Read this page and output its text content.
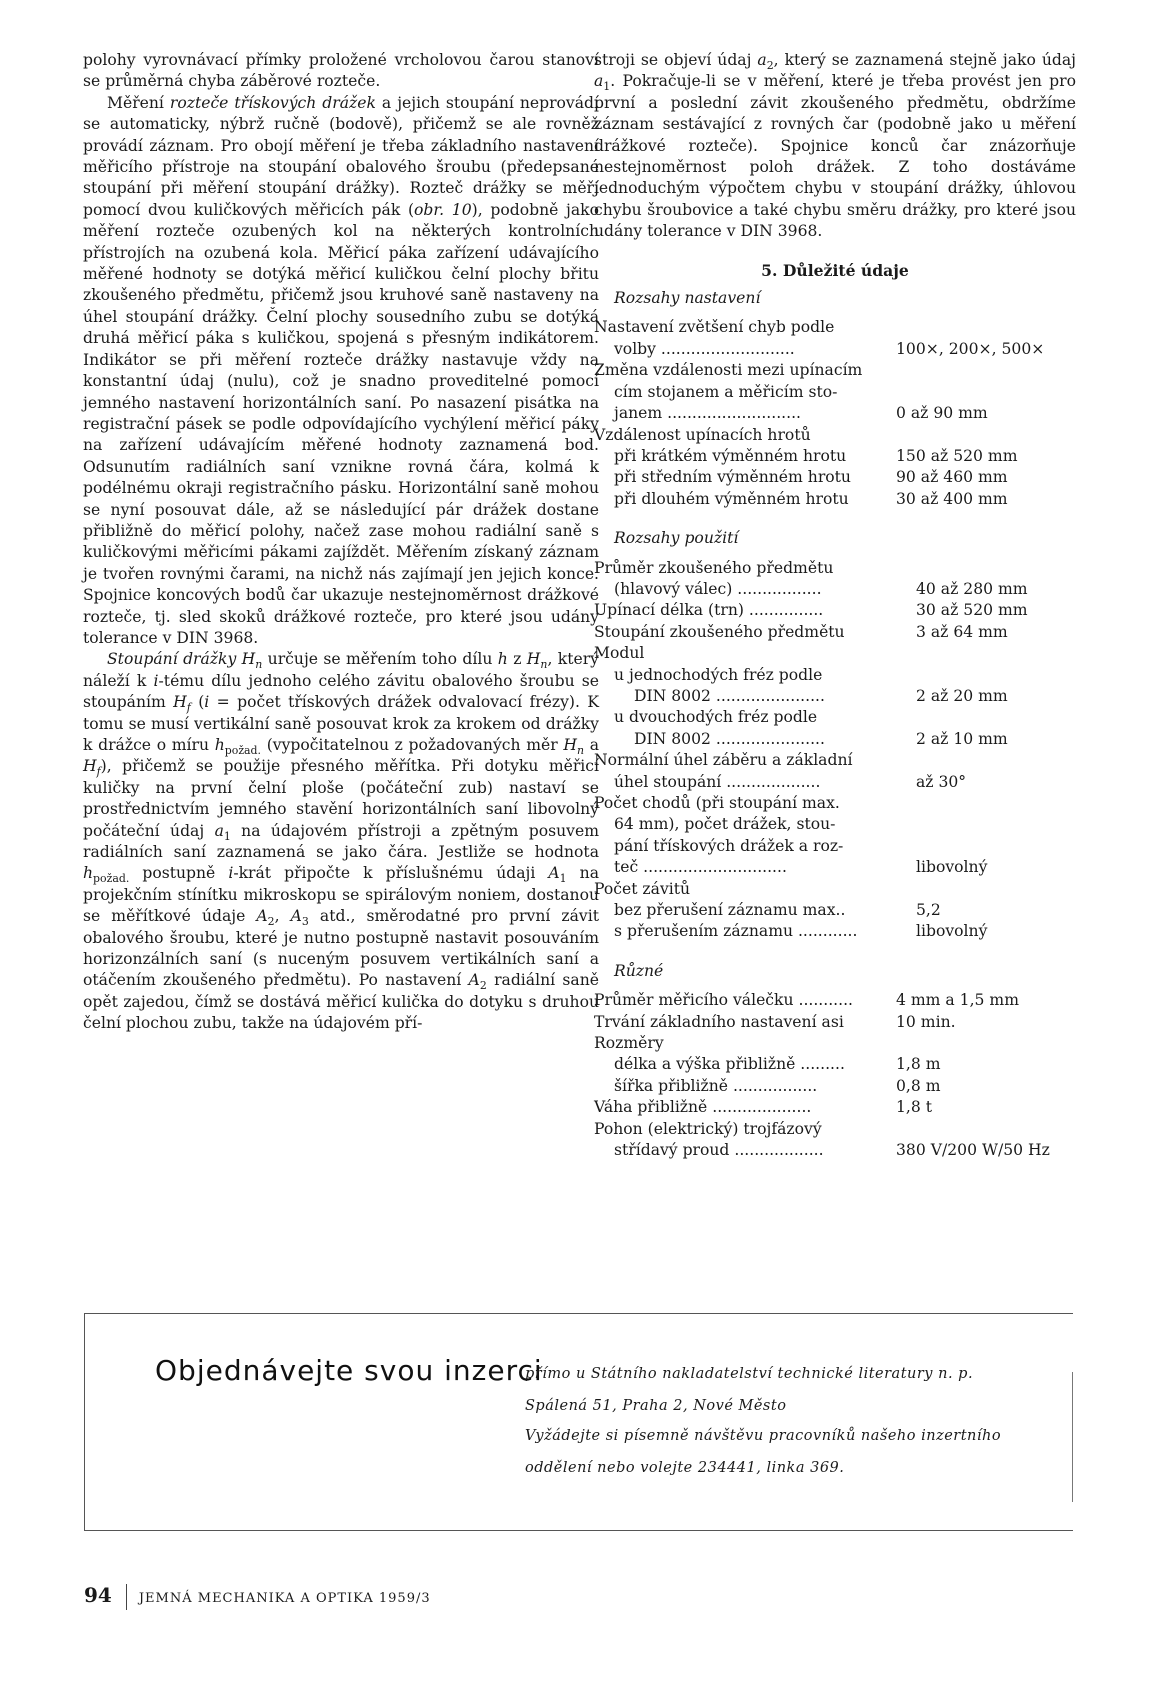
polohy vyrovnávací přímky proložené vrcholovou čarou stanoví se průměrná chyba záběrové rozteče.

Měření rozteče třískových drážek a jejich stoupání neprovádí se automaticky, nýbrž ručně (bodově), přičemž se ale rovněž provádí záznam. Pro obojí měření je třeba základního nastavení měřicího přístroje na stoupání obalového šroubu (předepsané stoupání při měření stoupání drážky). Rozteč drážky se měří pomocí dvou kuličkových měřicích pák (obr. 10), podobně jako měření rozteče ozubených kol na některých kontrolních přístrojích na ozubená kola. Měřicí páka zařízení udávajícího měřené hodnoty se dotýká měřicí kuličkou čelní plochy břitu zkoušeného předmětu, přičemž jsou kruhové saně nastaveny na úhel stoupání drážky. Čelní plochy sousedního zubu se dotýká druhá měřicí páka s kuličkou, spojená s přesným indikátorem. Indikátor se při měření rozteče drážky nastavuje vždy na konstantní údaj (nulu), což je snadno proveditelné pomocí jemného nastavení horizontálních saní. Po nasazení pisátka na registrační pásek se podle odpovídajícího vychýlení měřicí páky na zařízení udávajícím měřené hodnoty zaznamená bod. Odsunutím radiálních saní vznikne rovná čára, kolmá k podélnému okraji registračního pásku. Horizontální saně mohou se nyní posouvat dále, až se následující pár drážek dostane přibližně do měřicí polohy, načež zase mohou radiální saně s kuličkovými měřicími pákami zajíždět. Měřením získaný záznam je tvořen rovnými čarami, na nichž nás zajímají jen jejich konce. Spojnice koncových bodů čar ukazuje nestejnoměrnost drážkové rozteče, tj. sled skoků drážkové rozteče, pro které jsou udány tolerance v DIN 3968.

Stoupání drážky $H_n$ určuje se měřením toho dílu h z $H_n$, který náleží k i-tému dílu jednoho celého závitu obalového šroubu se stoupáním $H_f$ (i = počet třískových drážek odvalovací frézy). K tomu se musí vertikální saně posouvat krok za krokem od drážky k drážce o míru $h_{požad.}$ (vypočitatelnou z požadovaných měr $H_n$ a $H_f$), přičemž se použije přesného měřítka. Při dotyku měřicí kuličky na první čelní ploše (počáteční zub) nastaví se prostřednictvím jemného stavění horizontálních saní libovolný počáteční údaj $a_1$ na údajovém přístroji a zpětným posuvem radiálních saní zaznamená se jako čára. Jestliže se hodnota $h_{požad.}$ postupně i-krát připočte k příslušnému údaji $A_1$ na projekčním stínítku mikroskopu se spirálovým noniem, dostanou se měřítkové údaje $A_2$, $A_3$ atd., směrodatné pro první závit obalového šroubu, které je nutno postupně nastavit posouváním horizonzálních saní (s nuceným posuvem vertikálních saní a otáčením zkoušeného předmětu). Po nastavení $A_2$ radiální saně opět zajedou, čímž se dostává měřicí kulička do dotyku s druhou čelní plochou zubu, takže na údajovém pří-

stroji se objeví údaj $a_2$, který se zaznamená stejně jako údaj $a_1$. Pokračuje-li se v měření, které je třeba provést jen pro první a poslední závit zkoušeného předmětu, obdržíme záznam sestávající z rovných čar (podobně jako u měření drážkové rozteče). Spojnice konců čar znázorňuje nestejnoměrnost poloh drážek. Z toho dostáváme jednoduchým výpočtem chybu v stoupání drážky, úhlovou chybu šroubovice a také chybu směru drážky, pro které jsou udány tolerance v DIN 3968.

5. Důležité údaje
Rozsahy nastavení
Nastavení zvětšení chyb podle	
volby ...........................	100×, 200×, 500×
Změna vzdálenosti mezi upínacím	
cím stojanem a měřicím sto-	
janem ...........................	0 až 90 mm
Vzdálenost upínacích hrotů	
při krátkém výměnném hrotu	150 až 520 mm
při středním výměnném hrotu	90 až 460 mm
při dlouhém výměnném hrotu	30 až 400 mm
Rozsahy použití
Průměr zkoušeného předmětu	
(hlavový válec) .................	40 až 280 mm
Upínací délka (trn) ...............	30 až 520 mm
Stoupání zkoušeného předmětu	3 až 64 mm
Modul	
u jednochodých fréz podle	
DIN 8002 ......................	2 až 20 mm
u dvouchodých fréz podle	
DIN 8002 ......................	2 až 10 mm
Normální úhel záběru a základní	
úhel stoupání ...................	až 30°
Počet chodů (při stoupání max.	
64 mm), počet drážek, stou-	
pání třískových drážek a roz-	
teč .............................	libovolný
Počet závitů	
bez přerušení záznamu max..	5,2
s přerušením záznamu ............	libovolný
Různé
Průměr měřicího válečku ...........	4 mm a 1,5 mm
Trvání základního nastavení asi	10 min.
Rozměry	
délka a výška přibližně .........	1,8 m
šířka přibližně .................	0,8 m
Váha přibližně ....................	1,8 t
Pohon (elektrický) trojfázový	
střídavý proud ..................	380 V/200 W/50 Hz
Objednávejte svou inzerci
přímo u Státního nakladatelství technické literatury n. p.
Spálená 51, Praha 2, Nové Město
Vyžádejte si písemně návštěvu pracovníků našeho inzertního
oddělení nebo volejte 234441, linka 369.
94 JEMNÁ MECHANIKA A OPTIKA 1959/3
